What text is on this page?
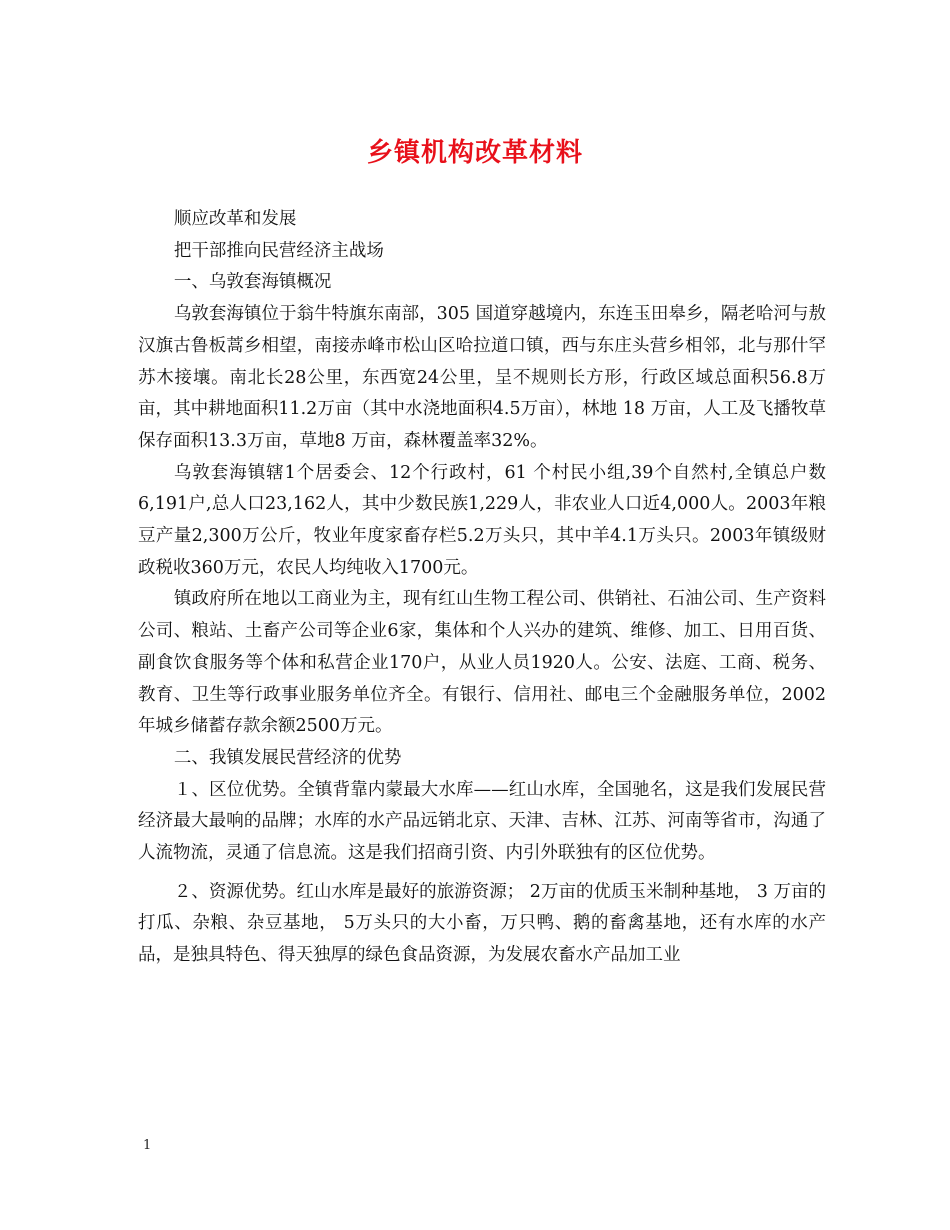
乡镇机构改革材料

顺应改革和发展

把干部推向民营经济主战场

一、乌敦套海镇概况

乌敦套海镇位于翁牛特旗东南部，305 国道穿越境内，东连玉田皋乡，隔老哈河与敖汉旗古鲁板蒿乡相望，南接赤峰市松山区哈拉道口镇，西与东庄头营乡相邻，北与那什罕苏木接壤。南北长28公里，东西宽24公里，呈不规则长方形，行政区域总面积56.8万亩，其中耕地面积11.2万亩（其中水浇地面积4.5万亩），林地 18 万亩，人工及飞播牧草保存面积13.3万亩，草地8 万亩，森林覆盖率32%。

乌敦套海镇辖1个居委会、12个行政村，61 个村民小组,39个自然村,全镇总户数6,191户,总人口23,162人，其中少数民族1,229人，非农业人口近4,000人。2003年粮豆产量2,300万公斤，牧业年度家畜存栏5.2万头只，其中羊4.1万头只。2003年镇级财政税收360万元，农民人均纯收入1700元。

镇政府所在地以工商业为主，现有红山生物工程公司、供销社、石油公司、生产资料公司、粮站、土畜产公司等企业6家，集体和个人兴办的建筑、维修、加工、日用百货、副食饮食服务等个体和私营企业170户，从业人员1920人。公安、法庭、工商、税务、教育、卫生等行政事业服务单位齐全。有银行、信用社、邮电三个金融服务单位，2002年城乡储蓄存款余额2500万元。

二、我镇发展民营经济的优势

１、区位优势。全镇背靠内蒙最大水库——红山水库，全国驰名，这是我们发展民营经济最大最响的品牌；水库的水产品远销北京、天津、吉林、江苏、河南等省市，沟通了人流物流，灵通了信息流。这是我们招商引资、内引外联独有的区位优势。

２、资源优势。红山水库是最好的旅游资源； 2万亩的优质玉米制种基地， 3 万亩的打瓜、杂粮、杂豆基地， 5万头只的大小畜，万只鸭、鹅的畜禽基地，还有水库的水产品，是独具特色、得天独厚的绿色食品资源，为发展农畜水产品加工业

1
